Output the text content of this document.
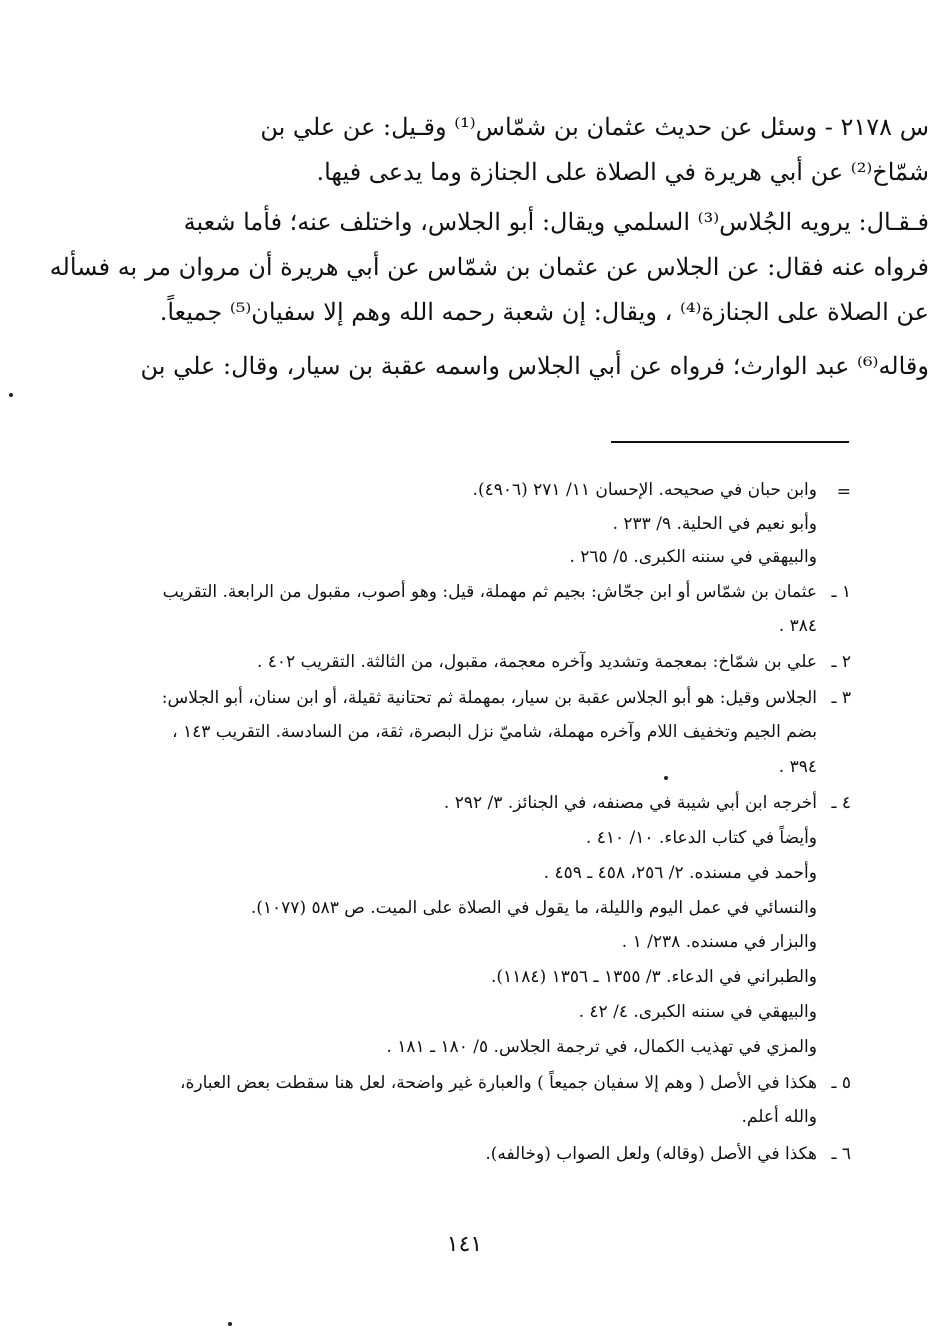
س ٢١٧٨ - وسئل عن حديث عثمان بن شمّاس⁽¹⁾ وقـيل: عن علي بن
شمّاخ⁽²⁾ عن أبي هريرة في الصلاة على الجنازة وما يدعى فيها.
فـقـال: يرويه الجُلاس⁽³⁾ السلمي ويقال: أبو الجلاس، واختلف عنه؛ فأما شعبة
فرواه عنه فقال: عن الجلاس عن عثمان بن شمّاس عن أبي هريرة أن مروان مر به فسأله
عن الصلاة على الجنازة⁽⁴⁾ ، ويقال: إن شعبة رحمه الله وهم إلا سفيان⁽⁵⁾ جميعاً.
وقاله⁽⁶⁾ عبد الوارث؛ فرواه عن أبي الجلاس واسمه عقبة بن سيار، وقال: علي بن
=
وابن حبان في صحيحه. الإحسان ١١/ ٢٧١ (٤٩٠٦).
وأبو نعيم في الحلية. ٩/ ٢٣٣ .
والبيهقي في سننه الكبرى. ٥/ ٢٦٥ .
١ ـ
عثمان بن شمّاس أو ابن جحّاش: بجيم ثم مهملة، قيل: وهو أصوب، مقبول من الرابعة. التقريب
٣٨٤ .
٢ ـ
علي بن شمّاخ: بمعجمة وتشديد وآخره معجمة، مقبول، من الثالثة. التقريب ٤٠٢ .
٣ ـ
الجلاس وقيل: هو أبو الجلاس عقبة بن سيار، بمهملة ثم تحتانية ثقيلة، أو ابن سنان، أبو الجلاس:
بضم الجيم وتخفيف اللام وآخره مهملة، شاميّ نزل البصرة، ثقة، من السادسة. التقريب ١٤٣ ،
٣٩٤ .
٤ ـ
أخرجه ابن أبي شيبة في مصنفه، في الجنائز. ٣/ ٢٩٢ .
وأيضاً في كتاب الدعاء. ١٠/ ٤١٠ .
وأحمد في مسنده. ٢/ ٢٥٦، ٤٥٨ ـ ٤٥٩ .
والنسائي في عمل اليوم والليلة، ما يقول في الصلاة على الميت. ص ٥٨٣ (١٠٧٧).
والبزار في مسنده. ٢٣٨/ ١ .
والطبراني في الدعاء. ٣/ ١٣٥٥ ـ ١٣٥٦ (١١٨٤).
والبيهقي في سننه الكبرى. ٤/ ٤٢ .
والمزي في تهذيب الكمال، في ترجمة الجلاس. ٥/ ١٨٠ ـ ١٨١ .
٥ ـ
هكذا في الأصل ( وهم إلا سفيان جميعاً ) والعبارة غير واضحة، لعل هنا سقطت بعض العبارة،
والله أعلم.
٦ ـ
هكذا في الأصل (وقاله) ولعل الصواب (وخالفه).
١٤١
